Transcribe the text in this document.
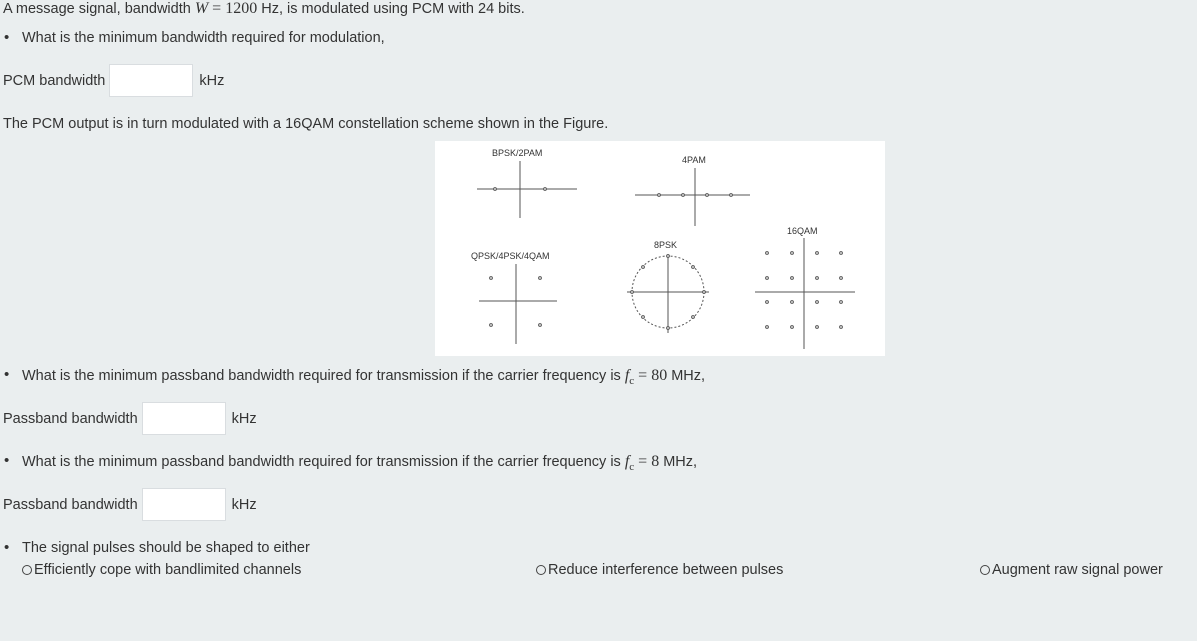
A message signal, bandwidth W = 1200 Hz, is modulated using PCM with 24 bits.
• What is the minimum bandwidth required for modulation,
PCM bandwidth	kHz
The PCM output is in turn modulated with a 16QAM constellation scheme shown in the Figure.
BPSK/2PAM
4PAM
QPSK/4PSK/4QAM
8PSK
16QAM
• What is the minimum passband bandwidth required for transmission if the carrier frequency is $f_c = 80$ MHz,
Passband bandwidth	kHz
• What is the minimum passband bandwidth required for transmission if the carrier frequency is $f_c = 8$ MHz,
Passband bandwidth	kHz
• The signal pulses should be shaped to either
Efficiently cope with bandlimited channels	Reduce interference between pulses	Augment raw signal power
